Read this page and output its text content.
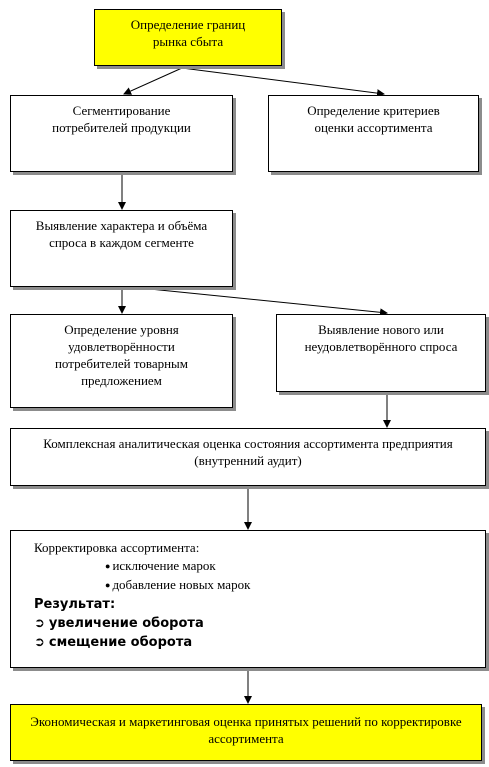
Определение границ рынка сбыта
Сегментирование потребителей продукции
Определение критериев оценки ассортимента
Выявление характера и объёма спроса в каждом сегменте
Определение уровня удовлетворённости потребителей товарным предложением
Выявление нового или неудовлетворённого спроса
Комплексная аналитическая оценка состояния ассортимента предприятия (внутренний аудит)
Корректировка ассортимента:
● исключение марок
● добавление новых марок
Результат:
➲ увеличение оборота
➲ смещение оборота
Экономическая и маркетинговая оценка принятых решений по корректировке ассортимента
